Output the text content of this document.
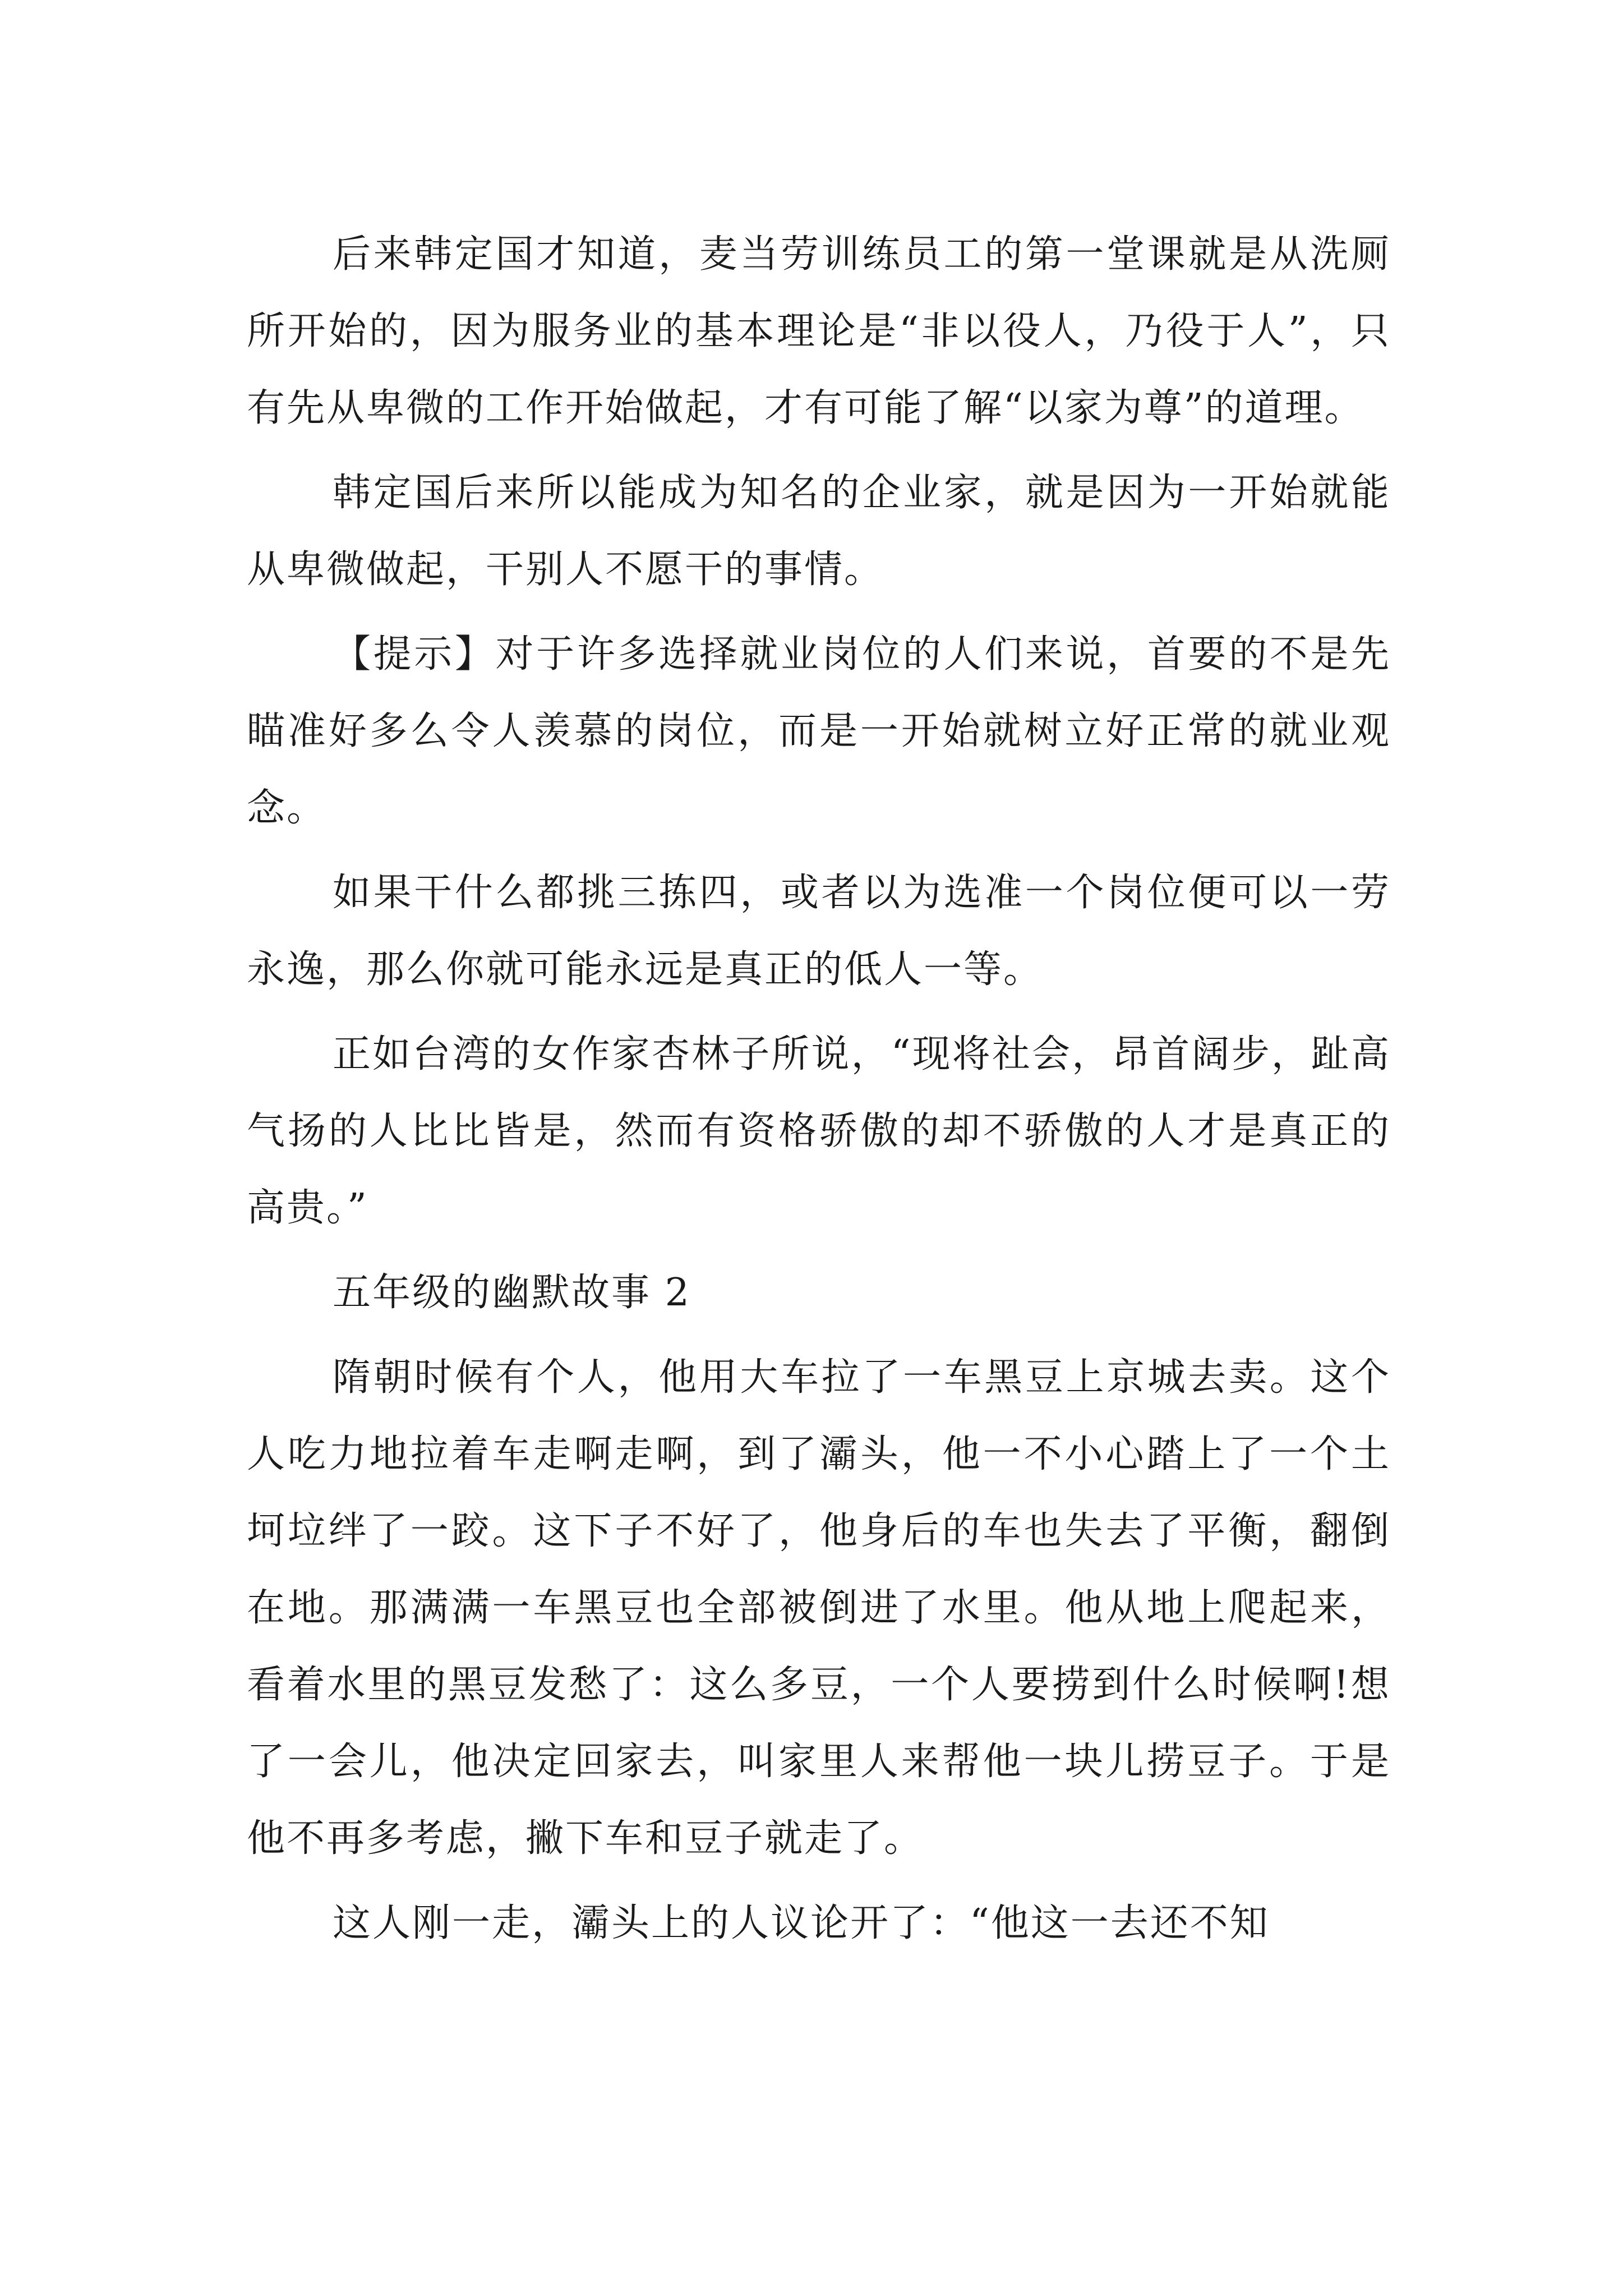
后来韩定国才知道，麦当劳训练员工的第一堂课就是从洗厕所开始的，因为服务业的基本理论是“非以役人，乃役于人”，只有先从卑微的工作开始做起，才有可能了解“以家为尊”的道理。

韩定国后来所以能成为知名的企业家，就是因为一开始就能从卑微做起，干别人不愿干的事情。

【提示】对于许多选择就业岗位的人们来说，首要的不是先瞄准好多么令人羡慕的岗位，而是一开始就树立好正常的就业观念。

如果干什么都挑三拣四，或者以为选准一个岗位便可以一劳永逸，那么你就可能永远是真正的低人一等。

正如台湾的女作家杏林子所说，“现将社会，昂首阔步，趾高气扬的人比比皆是，然而有资格骄傲的却不骄傲的人才是真正的高贵。”

五年级的幽默故事 2

隋朝时候有个人，他用大车拉了一车黑豆上京城去卖。这个人吃力地拉着车走啊走啊，到了灞头，他一不小心踏上了一个土坷垃绊了一跤。这下子不好了，他身后的车也失去了平衡，翻倒在地。那满满一车黑豆也全部被倒进了水里。他从地上爬起来，看着水里的黑豆发愁了：这么多豆，一个人要捞到什么时候啊!想了一会儿，他决定回家去，叫家里人来帮他一块儿捞豆子。于是他不再多考虑，撇下车和豆子就走了。

这人刚一走，灞头上的人议论开了：“他这一去还不知
